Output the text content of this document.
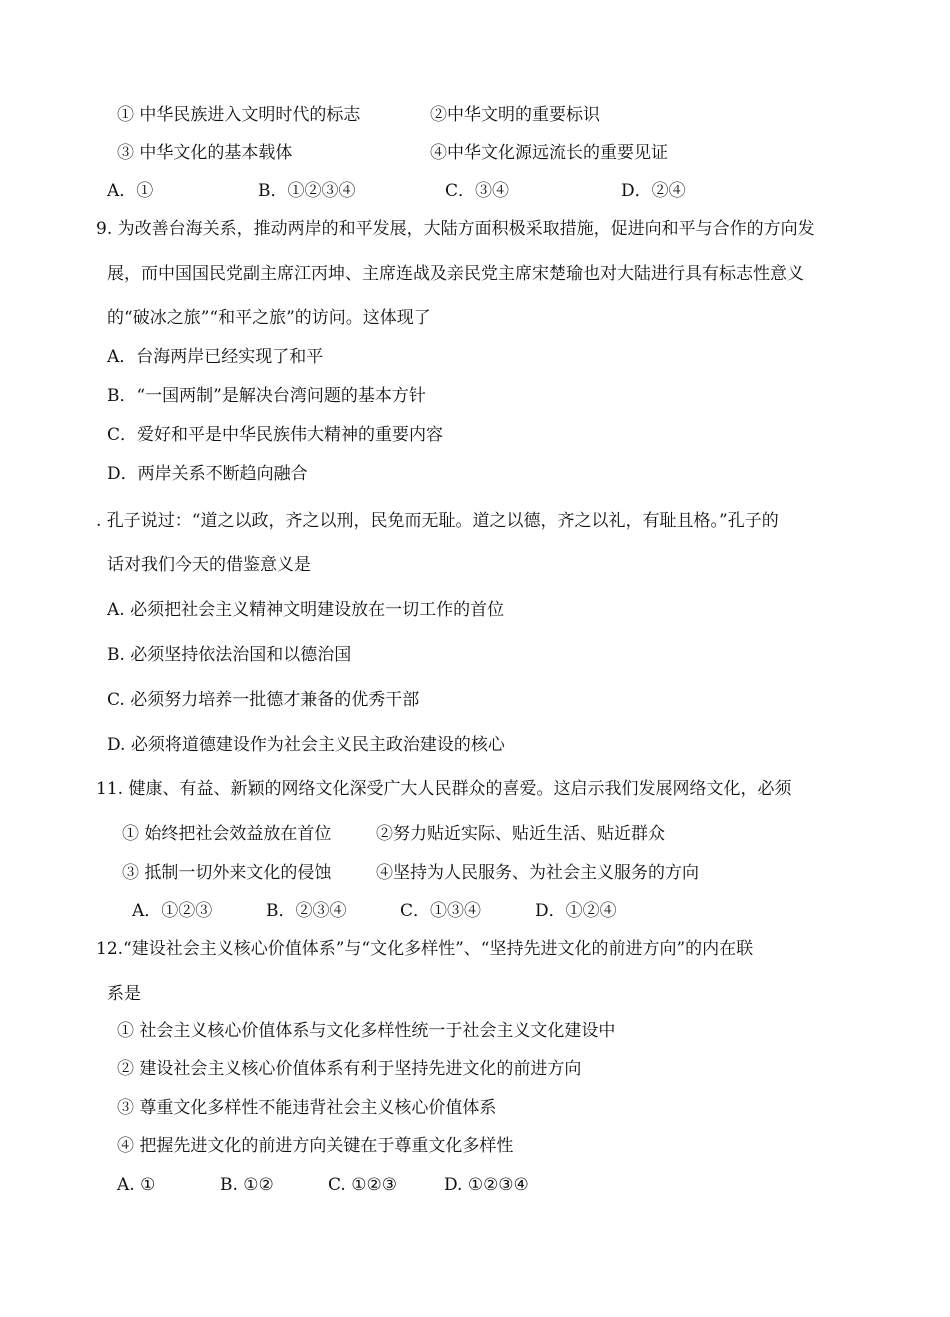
① 中华民族进入文明时代的标志	②中华文明的重要标识
③ 中华文化的基本载体	④中华文化源远流长的重要见证
A．①	B．①②③④	C．③④	D．②④
9. 为改善台海关系，推动两岸的和平发展，大陆方面积极采取措施，促进向和平与合作的方向发
展，而中国国民党副主席江丙坤、主席连战及亲民党主席宋楚瑜也对大陆进行具有标志性意义
的“破冰之旅”“和平之旅”的访问。这体现了
A．台海两岸已经实现了和平
B．“一国两制”是解决台湾问题的基本方针
C．爱好和平是中华民族伟大精神的重要内容
D．两岸关系不断趋向融合
. 孔子说过：“道之以政，齐之以刑，民免而无耻。道之以德，齐之以礼，有耻且格。”孔子的
话对我们今天的借鉴意义是
A. 必须把社会主义精神文明建设放在一切工作的首位
B. 必须坚持依法治国和以德治国
C. 必须努力培养一批德才兼备的优秀干部
D. 必须将道德建设作为社会主义民主政治建设的核心
11. 健康、有益、新颖的网络文化深受广大人民群众的喜爱。这启示我们发展网络文化，必须
① 始终把社会效益放在首位	②努力贴近实际、贴近生活、贴近群众
③ 抵制一切外来文化的侵蚀	④坚持为人民服务、为社会主义服务的方向
A．①②③	B．②③④	C．①③④	D．①②④
12.“建设社会主义核心价值体系”与“文化多样性”、“坚持先进文化的前进方向”的内在联
系是
① 社会主义核心价值体系与文化多样性统一于社会主义文化建设中
② 建设社会主义核心价值体系有利于坚持先进文化的前进方向
③ 尊重文化多样性不能违背社会主义核心价值体系
④ 把握先进文化的前进方向关键在于尊重文化多样性
A. ①	B. ①②	C. ①②③	D. ①②③④
